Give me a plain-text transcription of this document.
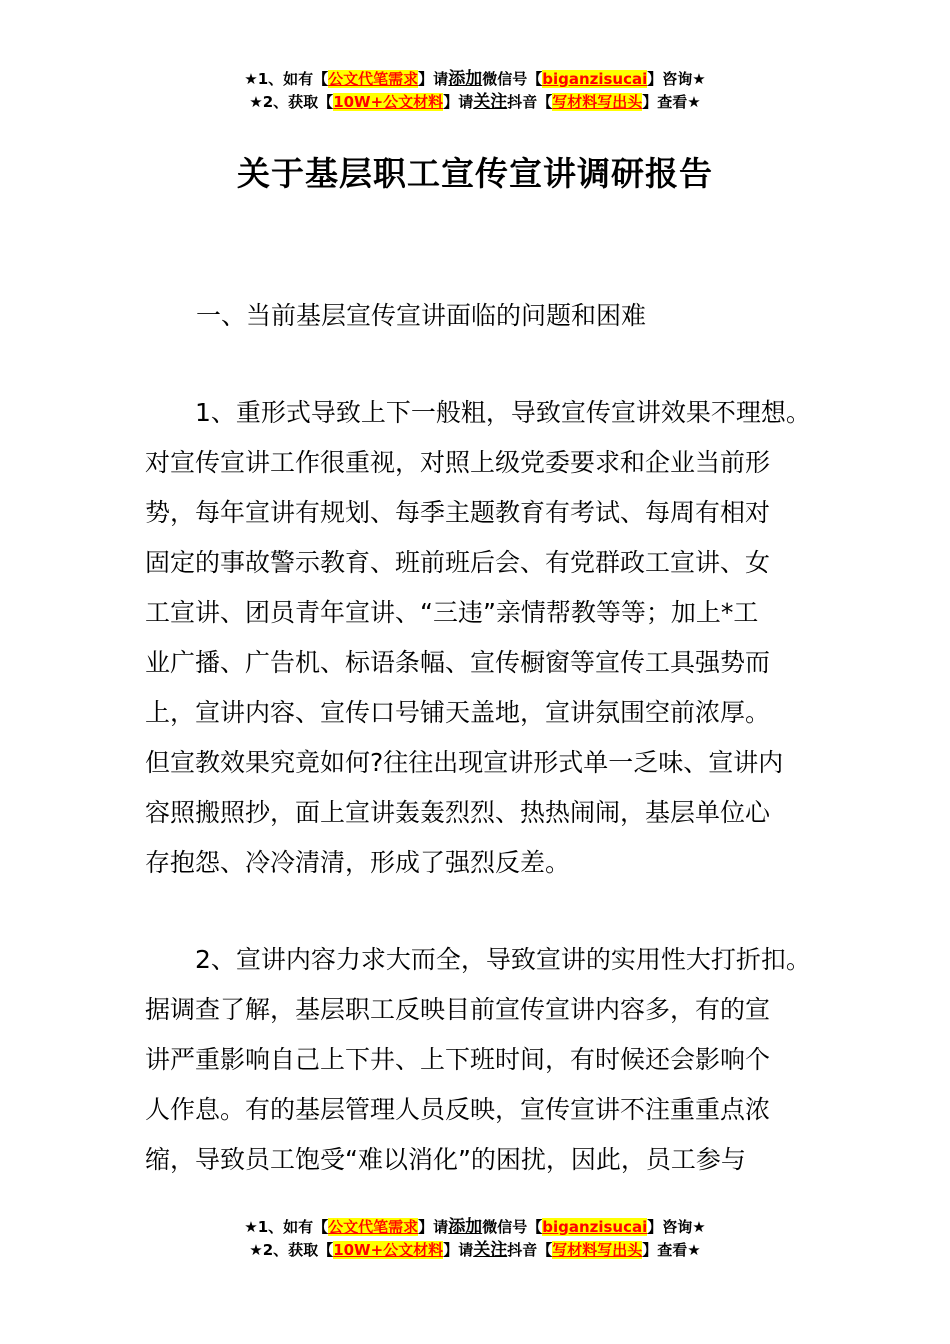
★1、如有【公文代笔需求】请添加微信号【biganzisucai】咨询★
★2、获取【10W+公文材料】请关注抖音【写材料写出头】查看★
关于基层职工宣传宣讲调研报告

一、当前基层宣传宣讲面临的问题和困难

1、重形式导致上下一般粗，导致宣传宣讲效果不理想。
对宣传宣讲工作很重视，对照上级党委要求和企业当前形
势，每年宣讲有规划、每季主题教育有考试、每周有相对
固定的事故警示教育、班前班后会、有党群政工宣讲、女
工宣讲、团员青年宣讲、“三违”亲情帮教等等；加上*工
业广播、广告机、标语条幅、宣传橱窗等宣传工具强势而
上，宣讲内容、宣传口号铺天盖地，宣讲氛围空前浓厚。
但宣教效果究竟如何?往往出现宣讲形式单一乏味、宣讲内
容照搬照抄，面上宣讲轰轰烈烈、热热闹闹，基层单位心
存抱怨、冷冷清清，形成了强烈反差。

2、宣讲内容力求大而全，导致宣讲的实用性大打折扣。
据调查了解，基层职工反映目前宣传宣讲内容多，有的宣
讲严重影响自己上下井、上下班时间，有时候还会影响个
人作息。有的基层管理人员反映，宣传宣讲不注重重点浓
缩，导致员工饱受“难以消化”的困扰，因此，员工参与

★1、如有【公文代笔需求】请添加微信号【biganzisucai】咨询★
★2、获取【10W+公文材料】请关注抖音【写材料写出头】查看★
